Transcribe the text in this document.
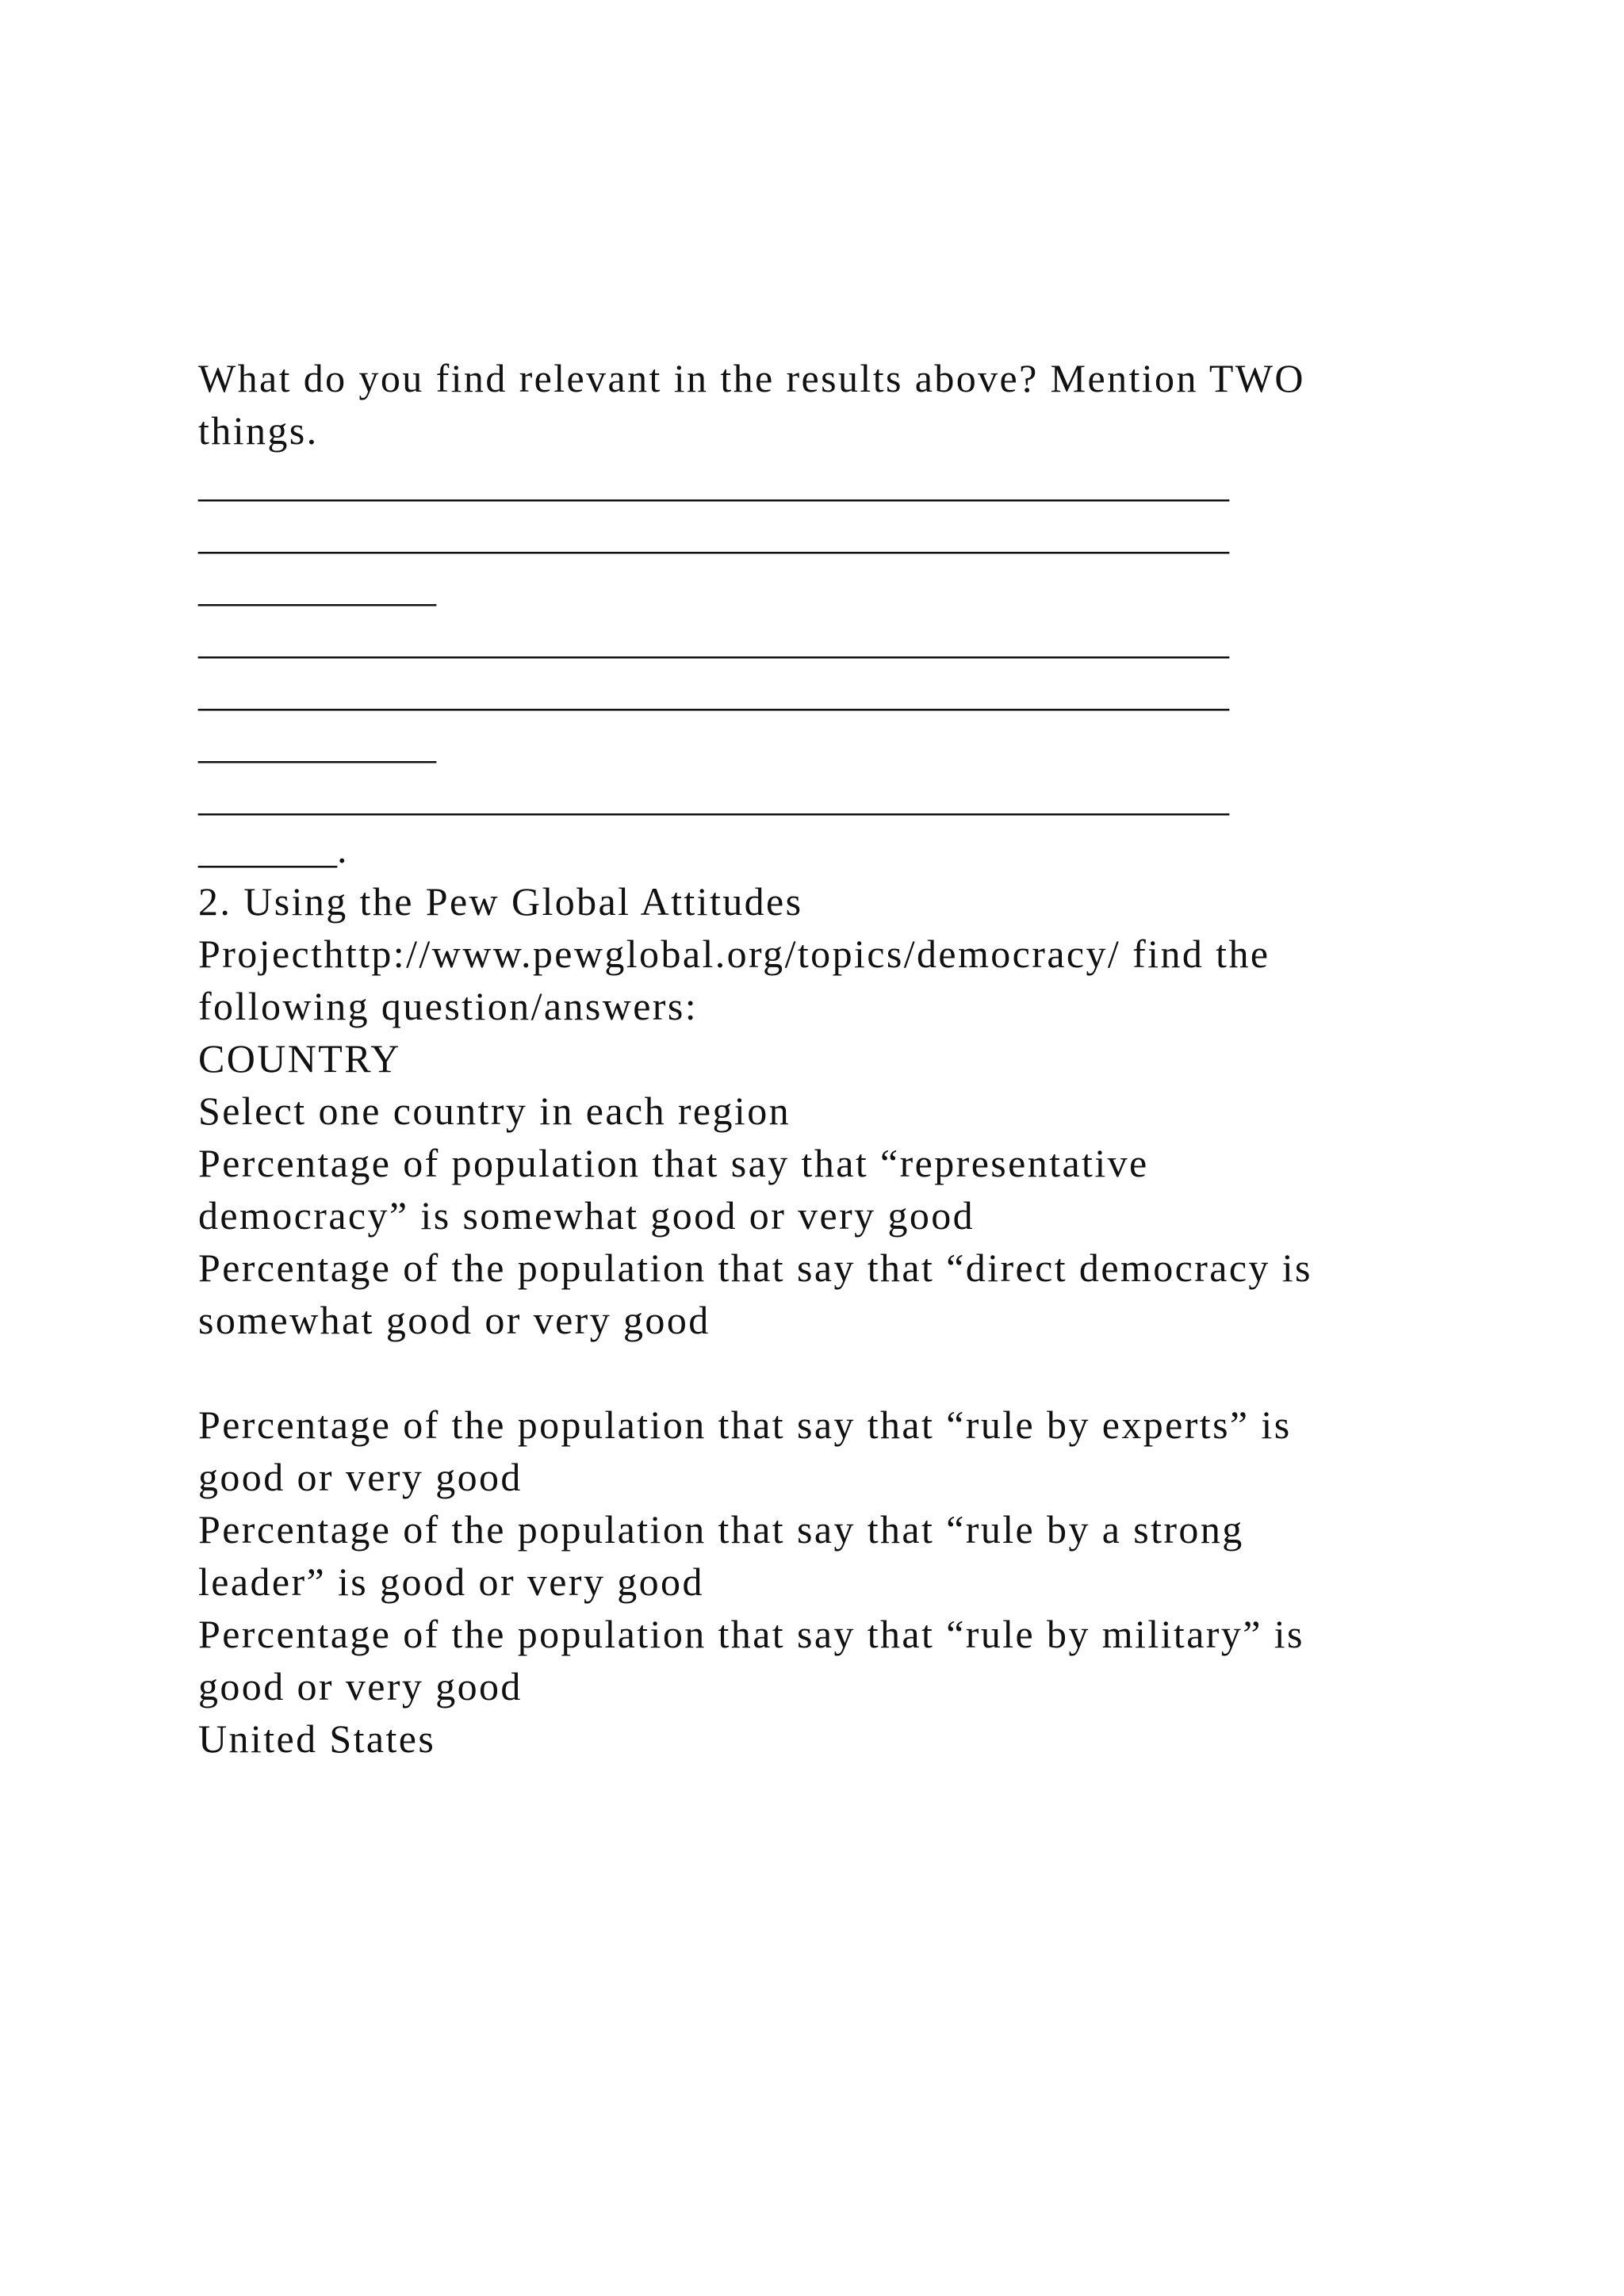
What do you find relevant in the results above? Mention TWO
things.
____________________________________________________
____________________________________________________
____________
____________________________________________________
____________________________________________________
____________
____________________________________________________
_______.
2. Using the Pew Global Attitudes
Projecthttp://www.pewglobal.org/topics/democracy/ find the
following question/answers:
COUNTRY
Select one country in each region
Percentage of population that say that “representative
democracy” is somewhat good or very good
Percentage of the population that say that “direct democracy is
somewhat good or very good
Percentage of the population that say that “rule by experts” is
good or very good
Percentage of the population that say that “rule by a strong
leader” is good or very good
Percentage of the population that say that “rule by military” is
good or very good
United States
